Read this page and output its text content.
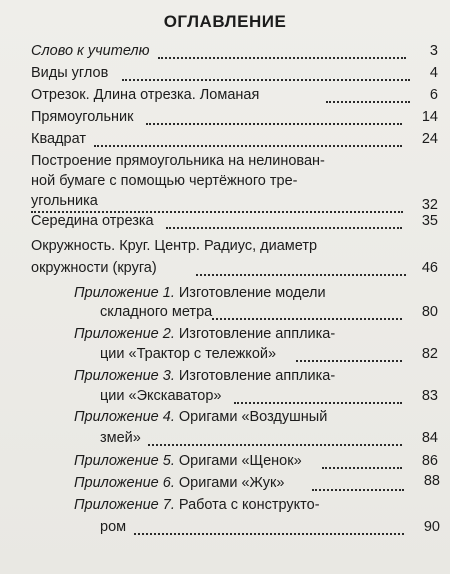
ОГЛАВЛЕНИЕ
Слово к учителю	3
Виды углов	4
Отрезок. Длина отрезка. Ломаная	6
Прямоугольник	14
Квадрат	24
Построение прямоугольника на нелинован-
ной бумаге с помощью чертёжного тре-
угольника	32
Середина отрезка	35
Окружность. Круг. Центр. Радиус, диаметр
окружности (круга)	46
Приложение 1. Изготовление модели
складного метра	80
Приложение 2. Изготовление апплика-
ции «Трактор с тележкой»	82
Приложение 3. Изготовление апплика-
ции «Экскаватор»	83
Приложение 4. Оригами «Воздушный
змей»	84
Приложение 5. Оригами «Щенок»	86
Приложение 6. Оригами «Жук»	88
Приложение 7. Работа с конструкто-
ром	90
